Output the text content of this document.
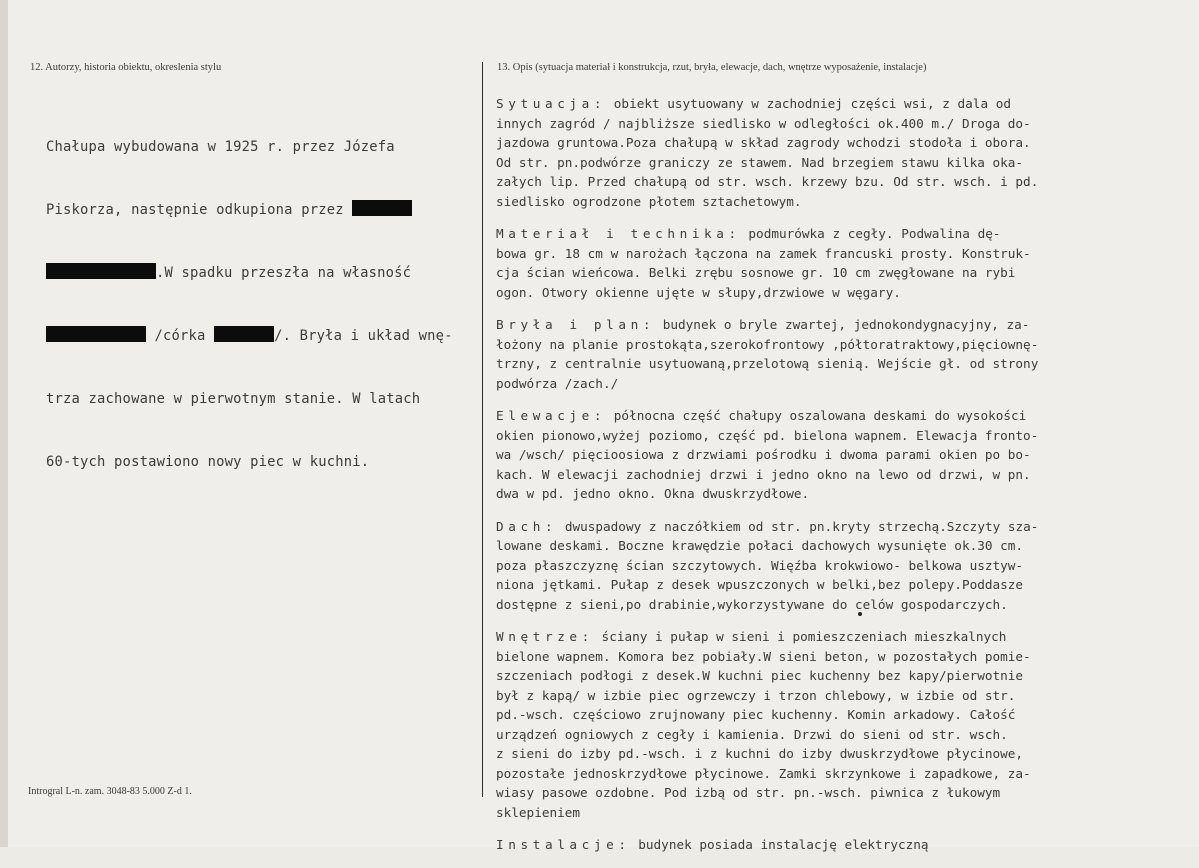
12. Autorzy, historia obiektu, okreslenia stylu	13. Opis (sytuacja materiał i konstrukcja, rzut, bryła, elewacje, dach, wnętrze wyposażenie, instalacje)

Chałupa wybudowana w 1925 r. przez Józefa

Piskorza, następnie odkupiona przez

.W spadku przeszła na własność

/córka	/. Bryła i układ wnę-

trza zachowane w pierwotnym stanie. W latach

60-tych postawiono nowy piec w kuchni.

Sytuacja: obiekt usytuowany w zachodniej części wsi, z dala od
innych zagród / najbliższe siedlisko w odległości ok.400 m./ Droga do-
jazdowa gruntowa.Poza chałupą w skład zagrody wchodzi stodoła i obora.
Od str. pn.podwórze graniczy ze stawem. Nad brzegiem stawu kilka oka-
załych lip. Przed chałupą od str. wsch. krzewy bzu. Od str. wsch. i pd.
siedlisko ogrodzone płotem sztachetowym.
Materiał i technika: podmurówka z cegły. Podwalina dę-
bowa gr. 18 cm w narożach łączona na zamek francuski prosty. Konstruk-
cja ścian wieńcowa. Belki zrębu sosnowe gr. 10 cm zwęgłowane na rybi
ogon. Otwory okienne ujęte w słupy,drzwiowe w węgary.
Bryła i plan: budynek o bryle zwartej, jednokondygnacyjny, za-
łożony na planie prostokąta,szerokofrontowy ,półtoratraktowy,pięciownę-
trzny, z centralnie usytuowaną,przelotową sienią. Wejście gł. od strony
podwórza /zach./
Elewacje: północna część chałupy oszalowana deskami do wysokości
okien pionowo,wyżej poziomo, część pd. bielona wapnem. Elewacja fronto-
wa /wsch/ pięcioosiowa z drzwiami pośrodku i dwoma parami okien po bo-
kach. W elewacji zachodniej drzwi i jedno okno na lewo od drzwi, w pn.
dwa w pd. jedno okno. Okna dwuskrzydłowe.
Dach: dwuspadowy z naczółkiem od str. pn.kryty strzechą.Szczyty sza-
lowane deskami. Boczne krawędzie połaci dachowych wysunięte ok.30 cm.
poza płaszczyznę ścian szczytowych. Więźba krokwiowo- belkowa usztyw-
niona jętkami. Pułap z desek wpuszczonych w belki,bez polepy.Poddasze
dostępne z sieni,po drabinie,wykorzystywane do celów gospodarczych.
Wnętrze: ściany i pułap w sieni i pomieszczeniach mieszkalnych
bielone wapnem. Komora bez pobiały.W sieni beton, w pozostałych pomie-
szczeniach podłogi z desek.W kuchni piec kuchenny bez kapy/pierwotnie
był z kapą/ w izbie piec ogrzewczy i trzon chlebowy, w izbie od str.
pd.-wsch. częściowo zrujnowany piec kuchenny. Komin arkadowy. Całość
urządzeń ogniowych z cegły i kamienia. Drzwi do sieni od str. wsch.
z sieni do izby pd.-wsch. i z kuchni do izby dwuskrzydłowe płycinowe,
pozostałe jednoskrzydłowe płycinowe. Zamki skrzynkowe i zapadkowe, za-
wiasy pasowe ozdobne. Pod izbą od str. pn.-wsch. piwnica z łukowym
sklepieniem
Instalacje: budynek posiada instalację elektryczną
Introgral L-n. zam. 3048-83 5.000 Z-d 1.
